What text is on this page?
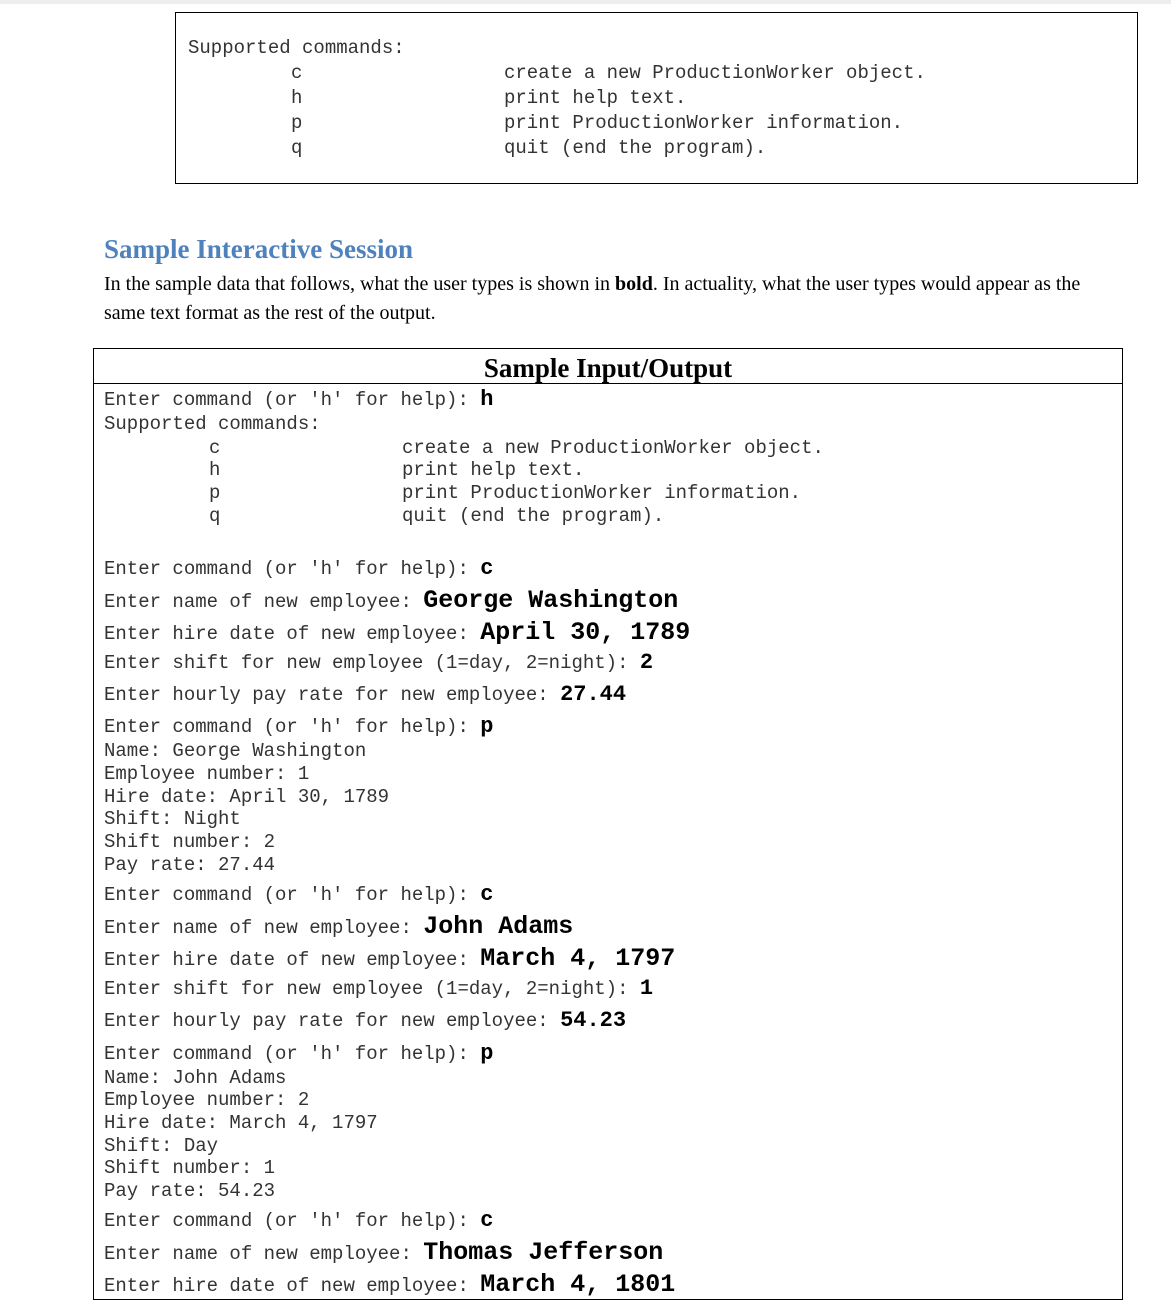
Supported commands:
c	create a new ProductionWorker object.
h	print help text.
p	print ProductionWorker information.
q	quit (end the program).
Sample Interactive Session
In the sample data that follows, what the user types is shown in bold. In actuality, what the user types would appear as the same text format as the rest of the output.
Sample Input/Output
Enter command (or 'h' for help): h
Supported commands:
c	create a new ProductionWorker object.
h	print help text.
p	print ProductionWorker information.
q	quit (end the program).
Enter command (or 'h' for help): c
Enter name of new employee: George Washington
Enter hire date of new employee: April 30, 1789
Enter shift for new employee (1=day, 2=night): 2
Enter hourly pay rate for new employee: 27.44
Enter command (or 'h' for help): p
Name: George Washington
Employee number: 1
Hire date: April 30, 1789
Shift: Night
Shift number: 2
Pay rate: 27.44
Enter command (or 'h' for help): c
Enter name of new employee: John Adams
Enter hire date of new employee: March 4, 1797
Enter shift for new employee (1=day, 2=night): 1
Enter hourly pay rate for new employee: 54.23
Enter command (or 'h' for help): p
Name: John Adams
Employee number: 2
Hire date: March 4, 1797
Shift: Day
Shift number: 1
Pay rate: 54.23
Enter command (or 'h' for help): c
Enter name of new employee: Thomas Jefferson
Enter hire date of new employee: March 4, 1801
